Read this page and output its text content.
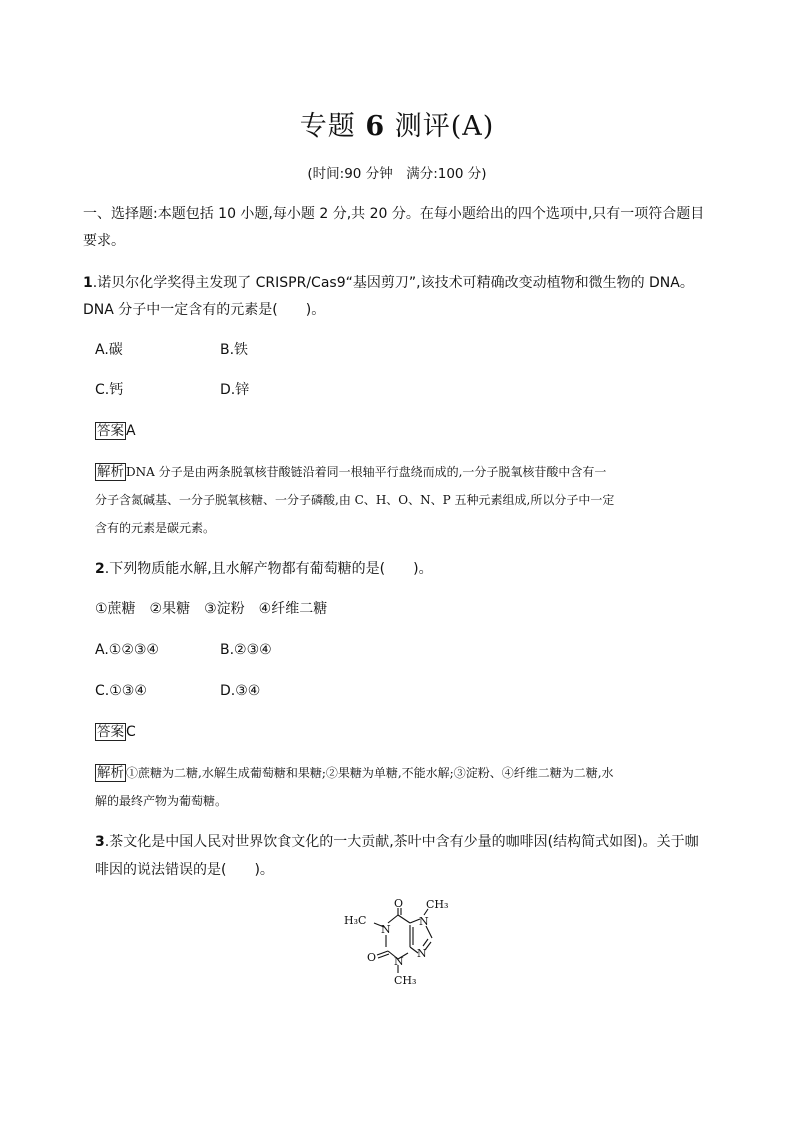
专题 6 测评(A)
(时间:90 分钟　满分:100 分)
一、选择题:本题包括 10 小题,每小题 2 分,共 20 分。在每小题给出的四个选项中,只有一项符合题目
要求。
1.诺贝尔化学奖得主发现了 CRISPR/Cas9“基因剪刀”,该技术可精确改变动植物和微生物的 DNA。
DNA 分子中一定含有的元素是(　　)。
A.碳	B.铁
C.钙	D.锌
答案 A
解析 DNA 分子是由两条脱氧核苷酸链沿着同一根轴平行盘绕而成的,一分子脱氧核苷酸中含有一
分子含氮碱基、一分子脱氧核糖、一分子磷酸,由 C、H、O、N、P 五种元素组成,所以分子中一定
含有的元素是碳元素。
2.下列物质能水解,且水解产物都有葡萄糖的是(　　)。
①蔗糖　②果糖　③淀粉　④纤维二糖
A.①②③④	B.②③④
C.①③④	D.③④
答案 C
解析 ①蔗糖为二糖,水解生成葡萄糖和果糖;②果糖为单糖,不能水解;③淀粉、④纤维二糖为二糖,水
解的最终产物为葡萄糖。
3.茶文化是中国人民对世界饮食文化的一大贡献,茶叶中含有少量的咖啡因(结构简式如图)。关于咖
啡因的说法错误的是(　　)。
H₃C
CH₃
CH₃
O
O
N
N
N
N
